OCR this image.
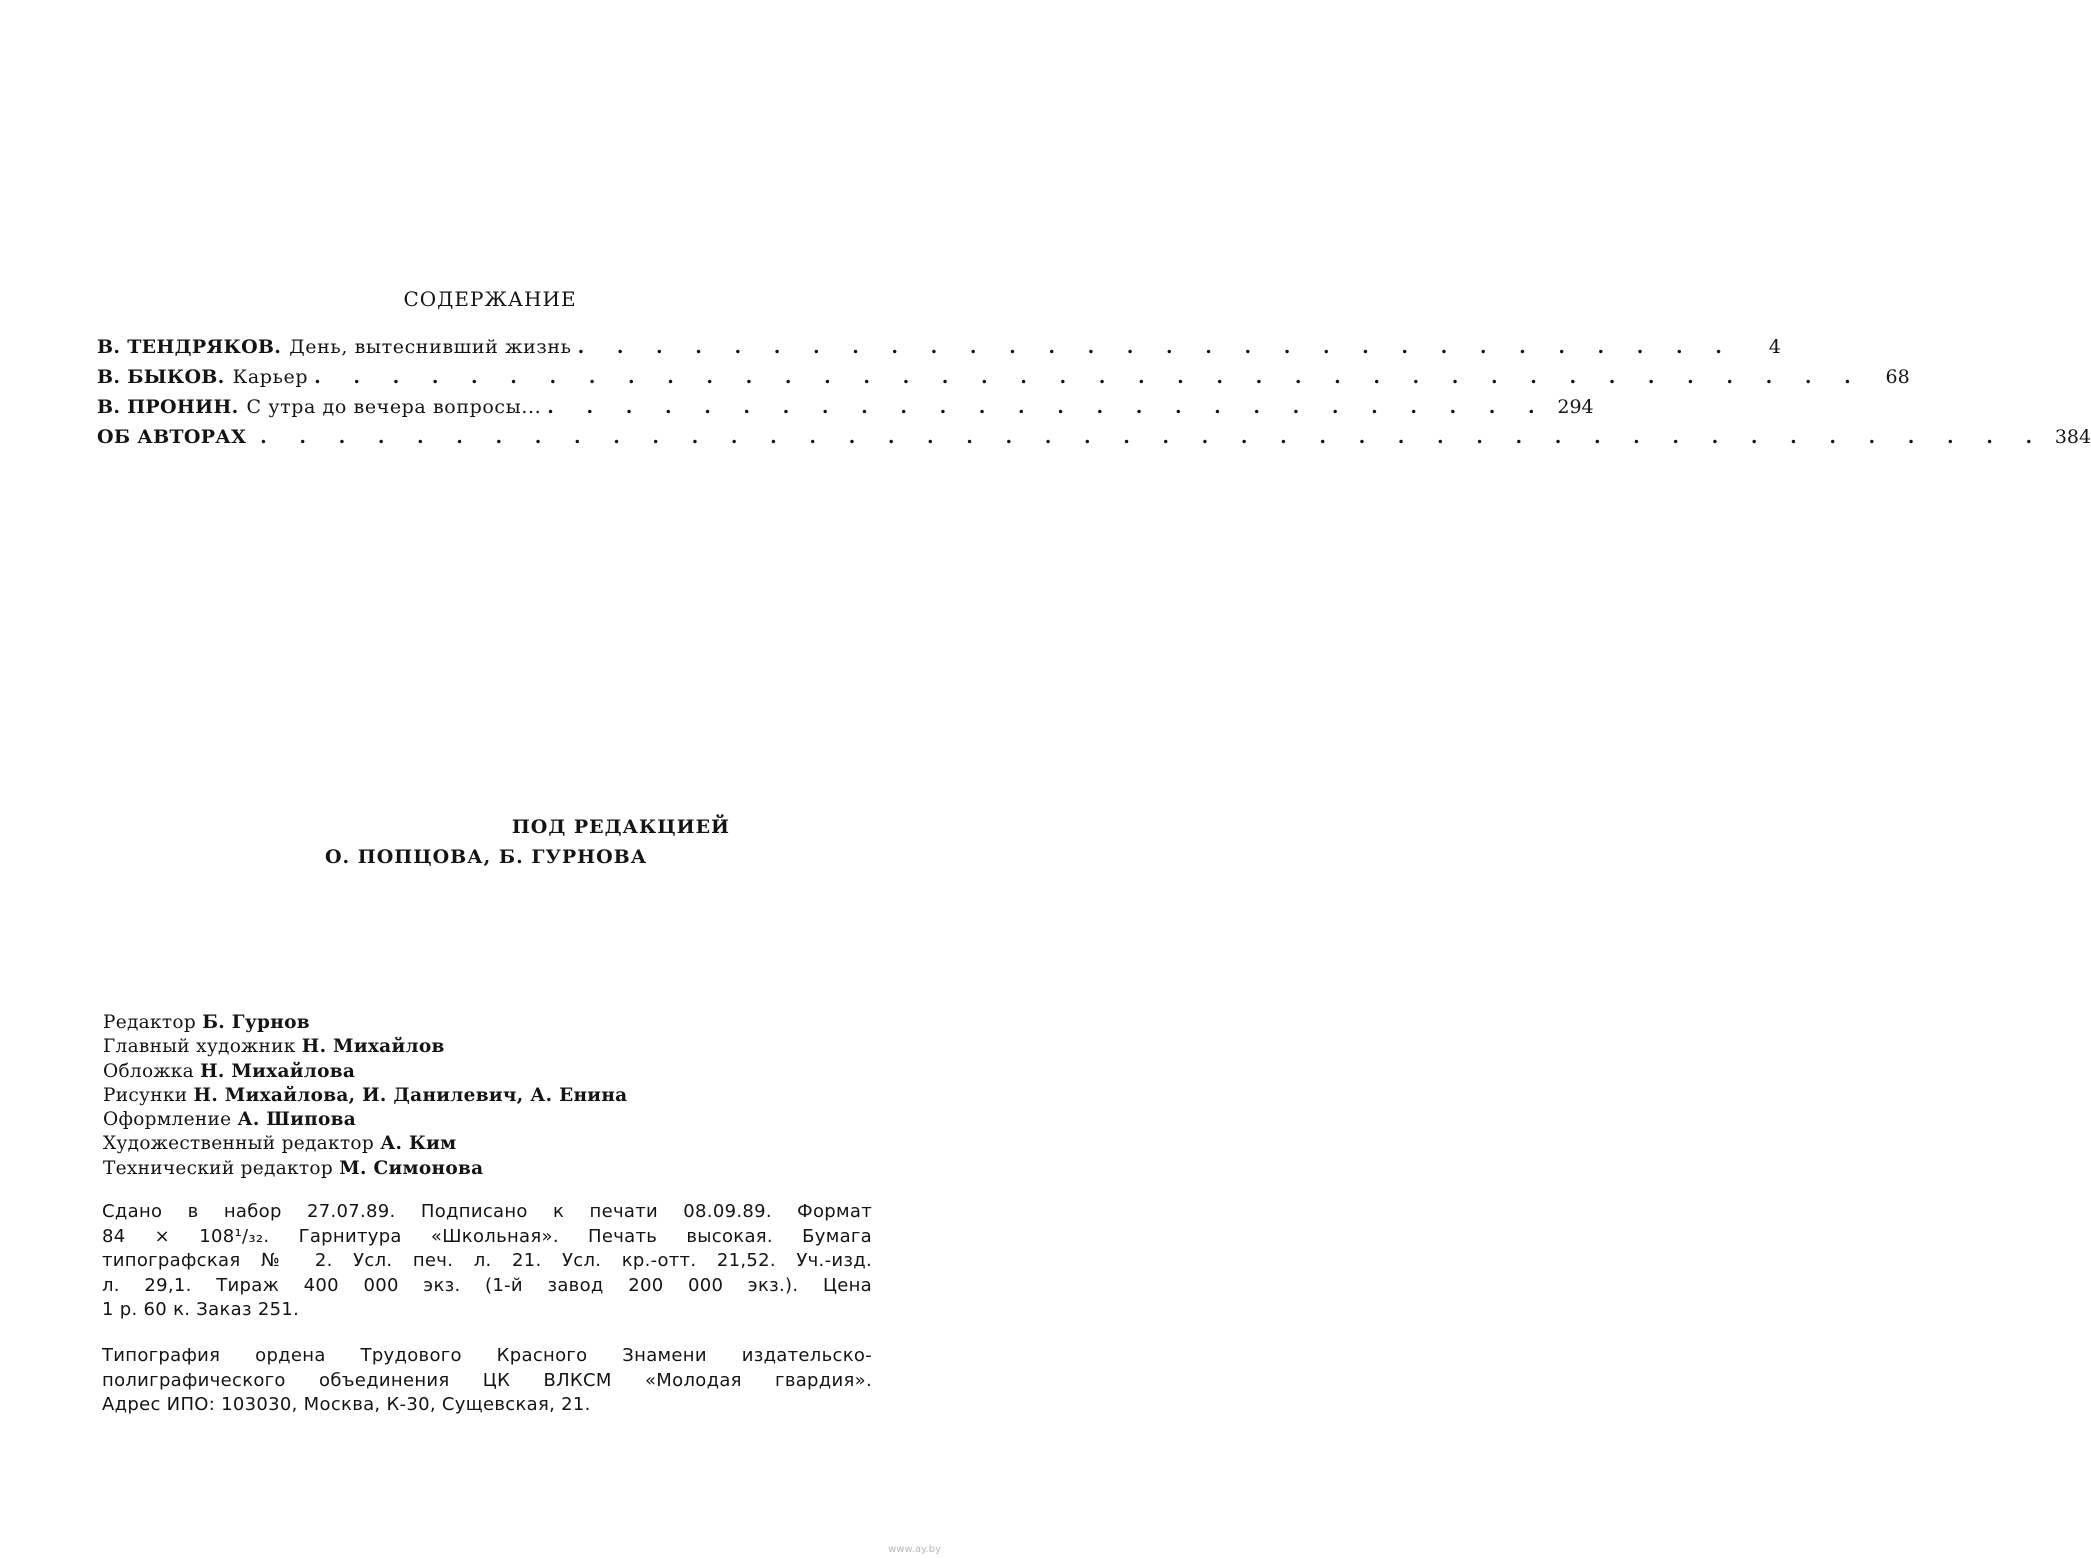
СОДЕРЖАНИЕ
В. ТЕНДРЯКОВ. День, вытеснивший жизнь . . . . . . . . . . . . . . . . . . . . . . . . . . . . . .	4
В. БЫКОВ. Карьер . . . . . . . . . . . . . . . . . . . . . . . . . . . . . . . . . . . . . . . .	68
В. ПРОНИН. С утра до вечера вопросы... . . . . . . . . . . . . . . . . . . . . . . . . . . 294
ОБ АВТОРАХ . . . . . . . . . . . . . . . . . . . . . . . . . . . . . . . . . . . . . . . . . . . . . . 384
ПОД РЕДАКЦИЕЙ
О. ПОПЦОВА, Б. ГУРНОВА
Редактор Б. Гурнов
Главный художник Н. Михайлов
Обложка Н. Михайлова
Рисунки Н. Михайлова, И. Данилевич, А. Енина
Оформление А. Шипова
Художественный редактор А. Ким
Технический редактор М. Симонова
Сдано в набор 27.07.89. Подписано к печати 08.09.89. Формат
84 × 108¹/₃₂. Гарнитура «Школьная». Печать высокая. Бумага
типографская № 2. Усл. печ. л. 21. Усл. кр.-отт. 21,52. Уч.-изд.
л. 29,1. Тираж 400 000 экз. (1-й завод 200 000 экз.). Цена
1 р. 60 к. Заказ 251.
Типография ордена Трудового Красного Знамени издательско-
полиграфического объединения ЦК ВЛКСМ «Молодая гвардия».
Адрес ИПО: 103030, Москва, К-30, Сущевская, 21.
www.ay.by
